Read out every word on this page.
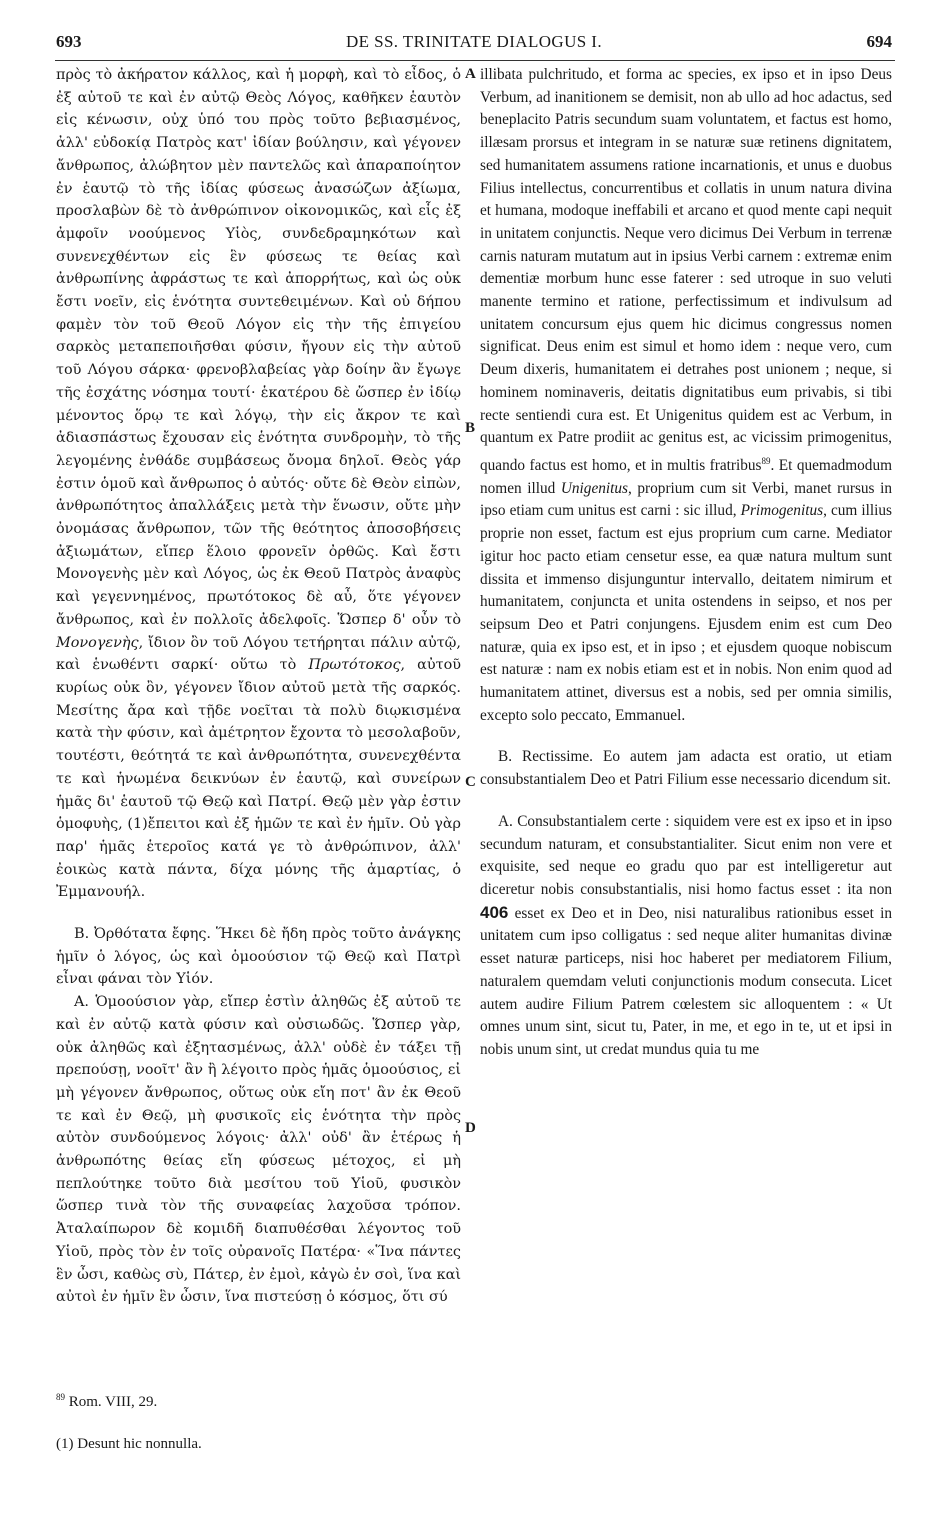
693	DE SS. TRINITATE DIALOGUS I.	694

πρὸς τὸ ἀκήρατον κάλλος, καὶ ἡ μορφὴ, καὶ τὸ εἶδος, ὁ ἐξ αὐτοῦ τε καὶ ἐν αὐτῷ Θεὸς Λόγος, καθῆκεν ἑαυτὸν εἰς κένωσιν, οὐχ ὑπό του πρὸς τοῦτο βεβιασμένος, ἀλλ' εὐδοκίᾳ Πατρὸς κατ' ἰδίαν βούλησιν, καὶ γέγονεν ἄνθρωπος, ἀλώβητον μὲν παντελῶς καὶ ἀπαραποίητον ἐν ἑαυτῷ τὸ τῆς ἰδίας φύσεως ἀνασώζων ἀξίωμα, προσλαβὼν δὲ τὸ ἀνθρώπινον οἰκονομικῶς, καὶ εἷς ἐξ ἀμφοῖν νοούμενος Υἱὸς, συνδεδραμηκότων καὶ συνενεχθέντων εἰς ἓν φύσεως τε θείας καὶ ἀνθρωπίνης ἀφράστως τε καὶ ἀπορρήτως, καὶ ὡς οὐκ ἔστι νοεῖν, εἰς ἑνότητα συντεθειμένων. Καὶ οὐ δήπου φαμὲν τὸν τοῦ Θεοῦ Λόγον εἰς τὴν τῆς ἐπιγείου σαρκὸς μεταπεποιῆσθαι φύσιν, ἤγουν εἰς τὴν αὐτοῦ τοῦ Λόγου σάρκα· φρενοβλαβείας γὰρ δοίην ἂν ἔγωγε τῆς ἐσχάτης νόσημα τουτί· ἑκατέρου δὲ ὥσπερ ἐν ἰδίῳ μένοντος ὅρῳ τε καὶ λόγῳ, τὴν εἰς ἄκρον τε καὶ ἀδιασπάστως ἔχουσαν εἰς ἑνότητα συνδρομὴν, τὸ τῆς λεγομένης ἐνθάδε συμβάσεως ὄνομα δηλοῖ. Θεὸς γάρ ἐστιν ὁμοῦ καὶ ἄνθρωπος ὁ αὐτός· οὔτε δὲ Θεὸν εἰπὼν, ἀνθρωπότητος ἀπαλλάξεις μετὰ τὴν ἕνωσιν, οὔτε μὴν ὀνομάσας ἄνθρωπον, τῶν τῆς θεότητος ἀποσοβήσεις ἀξιωμάτων, εἴπερ ἕλοιο φρονεῖν ὀρθῶς. Καὶ ἔστι Μονογενὴς μὲν καὶ Λόγος, ὡς ἐκ Θεοῦ Πατρὸς ἀναφὺς καὶ γεγεννημένος, πρωτότοκος δὲ αὖ, ὅτε γέγονεν ἄνθρωπος, καὶ ἐν πολλοῖς ἀδελφοῖς. Ὥσπερ δ' οὖν τὸ Μονογενὴς, ἴδιον ὂν τοῦ Λόγου τετήρηται πάλιν αὐτῷ, καὶ ἑνωθέντι σαρκί· οὕτω τὸ Πρωτότοκος, αὐτοῦ κυρίως οὐκ ὂν, γέγονεν ἴδιον αὐτοῦ μετὰ τῆς σαρκός. Μεσίτης ἄρα καὶ τῇδε νοεῖται τὰ πολὺ διῳκισμένα κατὰ τὴν φύσιν, καὶ ἀμέτρητον ἔχοντα τὸ μεσολαβοῦν, τουτέστι, θεότητά τε καὶ ἀνθρωπότητα, συνενεχθέντα τε καὶ ἡνωμένα δεικνύων ἐν ἑαυτῷ, καὶ συνείρων ἡμᾶς δι' ἑαυτοῦ τῷ Θεῷ καὶ Πατρί. Θεῷ μὲν γὰρ ἐστιν ὁμοφυὴς, (1)ἔπειτοι καὶ ἐξ ἡμῶν τε καὶ ἐν ἡμῖν. Οὐ γὰρ παρ' ἡμᾶς ἑτεροῖος κατά γε τὸ ἀνθρώπινον, ἀλλ' ἐοικὼς κατὰ πάντα, δίχα μόνης τῆς ἁμαρτίας, ὁ Ἐμμανουήλ.

B. Ὀρθότατα ἔφης. Ἥκει δὲ ἤδη πρὸς τοῦτο ἀνάγκης ἡμῖν ὁ λόγος, ὡς καὶ ὁμοούσιον τῷ Θεῷ καὶ Πατρὶ εἶναι φάναι τὸν Υἱόν.

A. Ὁμοούσιον γὰρ, εἴπερ ἐστὶν ἀληθῶς ἐξ αὐτοῦ τε καὶ ἐν αὐτῷ κατὰ φύσιν καὶ οὐσιωδῶς. Ὥσπερ γὰρ, οὐκ ἀληθῶς καὶ ἐξητασμένως, ἀλλ' οὐδὲ ἐν τάξει τῇ πρεπούσῃ, νοοῖτ' ἂν ἢ λέγοιτο πρὸς ἡμᾶς ὁμοούσιος, εἰ μὴ γέγονεν ἄνθρωπος, οὕτως οὐκ εἴη ποτ' ἂν ἐκ Θεοῦ τε καὶ ἐν Θεῷ, μὴ φυσικοῖς εἰς ἑνότητα τὴν πρὸς αὐτὸν συνδούμενος λόγοις· ἀλλ' οὐδ' ἂν ἑτέρως ἡ ἀνθρωπότης θείας εἴη φύσεως μέτοχος, εἰ μὴ πεπλούτηκε τοῦτο διὰ μεσίτου τοῦ Υἱοῦ, φυσικὸν ὥσπερ τινὰ τὸν τῆς συναφείας λαχοῦσα τρόπον. Ἀταλαίπωρον δὲ κομιδῆ διαπυθέσθαι λέγοντος τοῦ Υἱοῦ, πρὸς τὸν ἐν τοῖς οὐρανοῖς Πατέρα· «Ἵνα πάντες ἓν ὦσι, καθὼς σὺ, Πάτερ, ἐν ἐμοὶ, κἀγὼ ἐν σοὶ, ἵνα καὶ αὐτοὶ ἐν ἡμῖν ἓν ὦσιν, ἵνα πιστεύσῃ ὁ κόσμος, ὅτι σύ

A
B
C
D

illibata pulchritudo, et forma ac species, ex ipso et in ipso Deus Verbum, ad inanitionem se demisit, non ab ullo ad hoc adactus, sed beneplacito Patris secundum suam voluntatem, et factus est homo, illæsam prorsus et integram in se naturæ suæ retinens dignitatem, sed humanitatem assumens ratione incarnationis, et unus e duobus Filius intellectus, concurrentibus et collatis in unum natura divina et humana, modoque ineffabili et arcano et quod mente capi nequit in unitatem conjunctis. Neque vero dicimus Dei Verbum in terrenæ carnis naturam mutatum aut in ipsius Verbi carnem : extremæ enim dementiæ morbum hunc esse faterer : sed utroque in suo veluti manente termino et ratione, perfectissimum et indivulsum ad unitatem concursum ejus quem hic dicimus congressus nomen significat. Deus enim est simul et homo idem : neque vero, cum Deum dixeris, humanitatem ei detrahes post unionem ; neque, si hominem nominaveris, deitatis dignitatibus eum privabis, si tibi recte sentiendi cura est. Et Unigenitus quidem est ac Verbum, in quantum ex Patre prodiit ac genitus est, ac vicissim primogenitus, quando factus est homo, et in multis fratribus$^{89}$. Et quemadmodum nomen illud Unigenitus, proprium cum sit Verbi, manet rursus in ipso etiam cum unitus est carni : sic illud, Primogenitus, cum illius proprie non esset, factum est ejus proprium cum carne. Mediator igitur hoc pacto etiam censetur esse, ea quæ natura multum sunt dissita et immenso disjunguntur intervallo, deitatem nimirum et humanitatem, conjuncta et unita ostendens in seipso, et nos per seipsum Deo et Patri conjungens. Ejusdem enim est cum Deo naturæ, quia ex ipso est, et in ipso ; et ejusdem quoque nobiscum est naturæ : nam ex nobis etiam est et in nobis. Non enim quod ad humanitatem attinet, diversus est a nobis, sed per omnia similis, excepto solo peccato, Emmanuel.

B. Rectissime. Eo autem jam adacta est oratio, ut etiam consubstantialem Deo et Patri Filium esse necessario dicendum sit.

A. Consubstantialem certe : siquidem vere est ex ipso et in ipso secundum naturam, et consubstantialiter. Sicut enim non vere et exquisite, sed neque eo gradu quo par est intelligeretur aut diceretur nobis consubstantialis, nisi homo factus esset : ita non 406 esset ex Deo et in Deo, nisi naturalibus rationibus esset in unitatem cum ipso colligatus : sed neque aliter humanitas divinæ esset naturæ particeps, nisi hoc haberet per mediatorem Filium, naturalem quemdam veluti conjunctionis modum consecuta. Licet autem audire Filium Patrem cœlestem sic alloquentem : « Ut omnes unum sint, sicut tu, Pater, in me, et ego in te, ut et ipsi in nobis unum sint, ut credat mundus quia tu me

$^{89}$ Rom. VIII, 29.
(1) Desunt hic nonnulla.
